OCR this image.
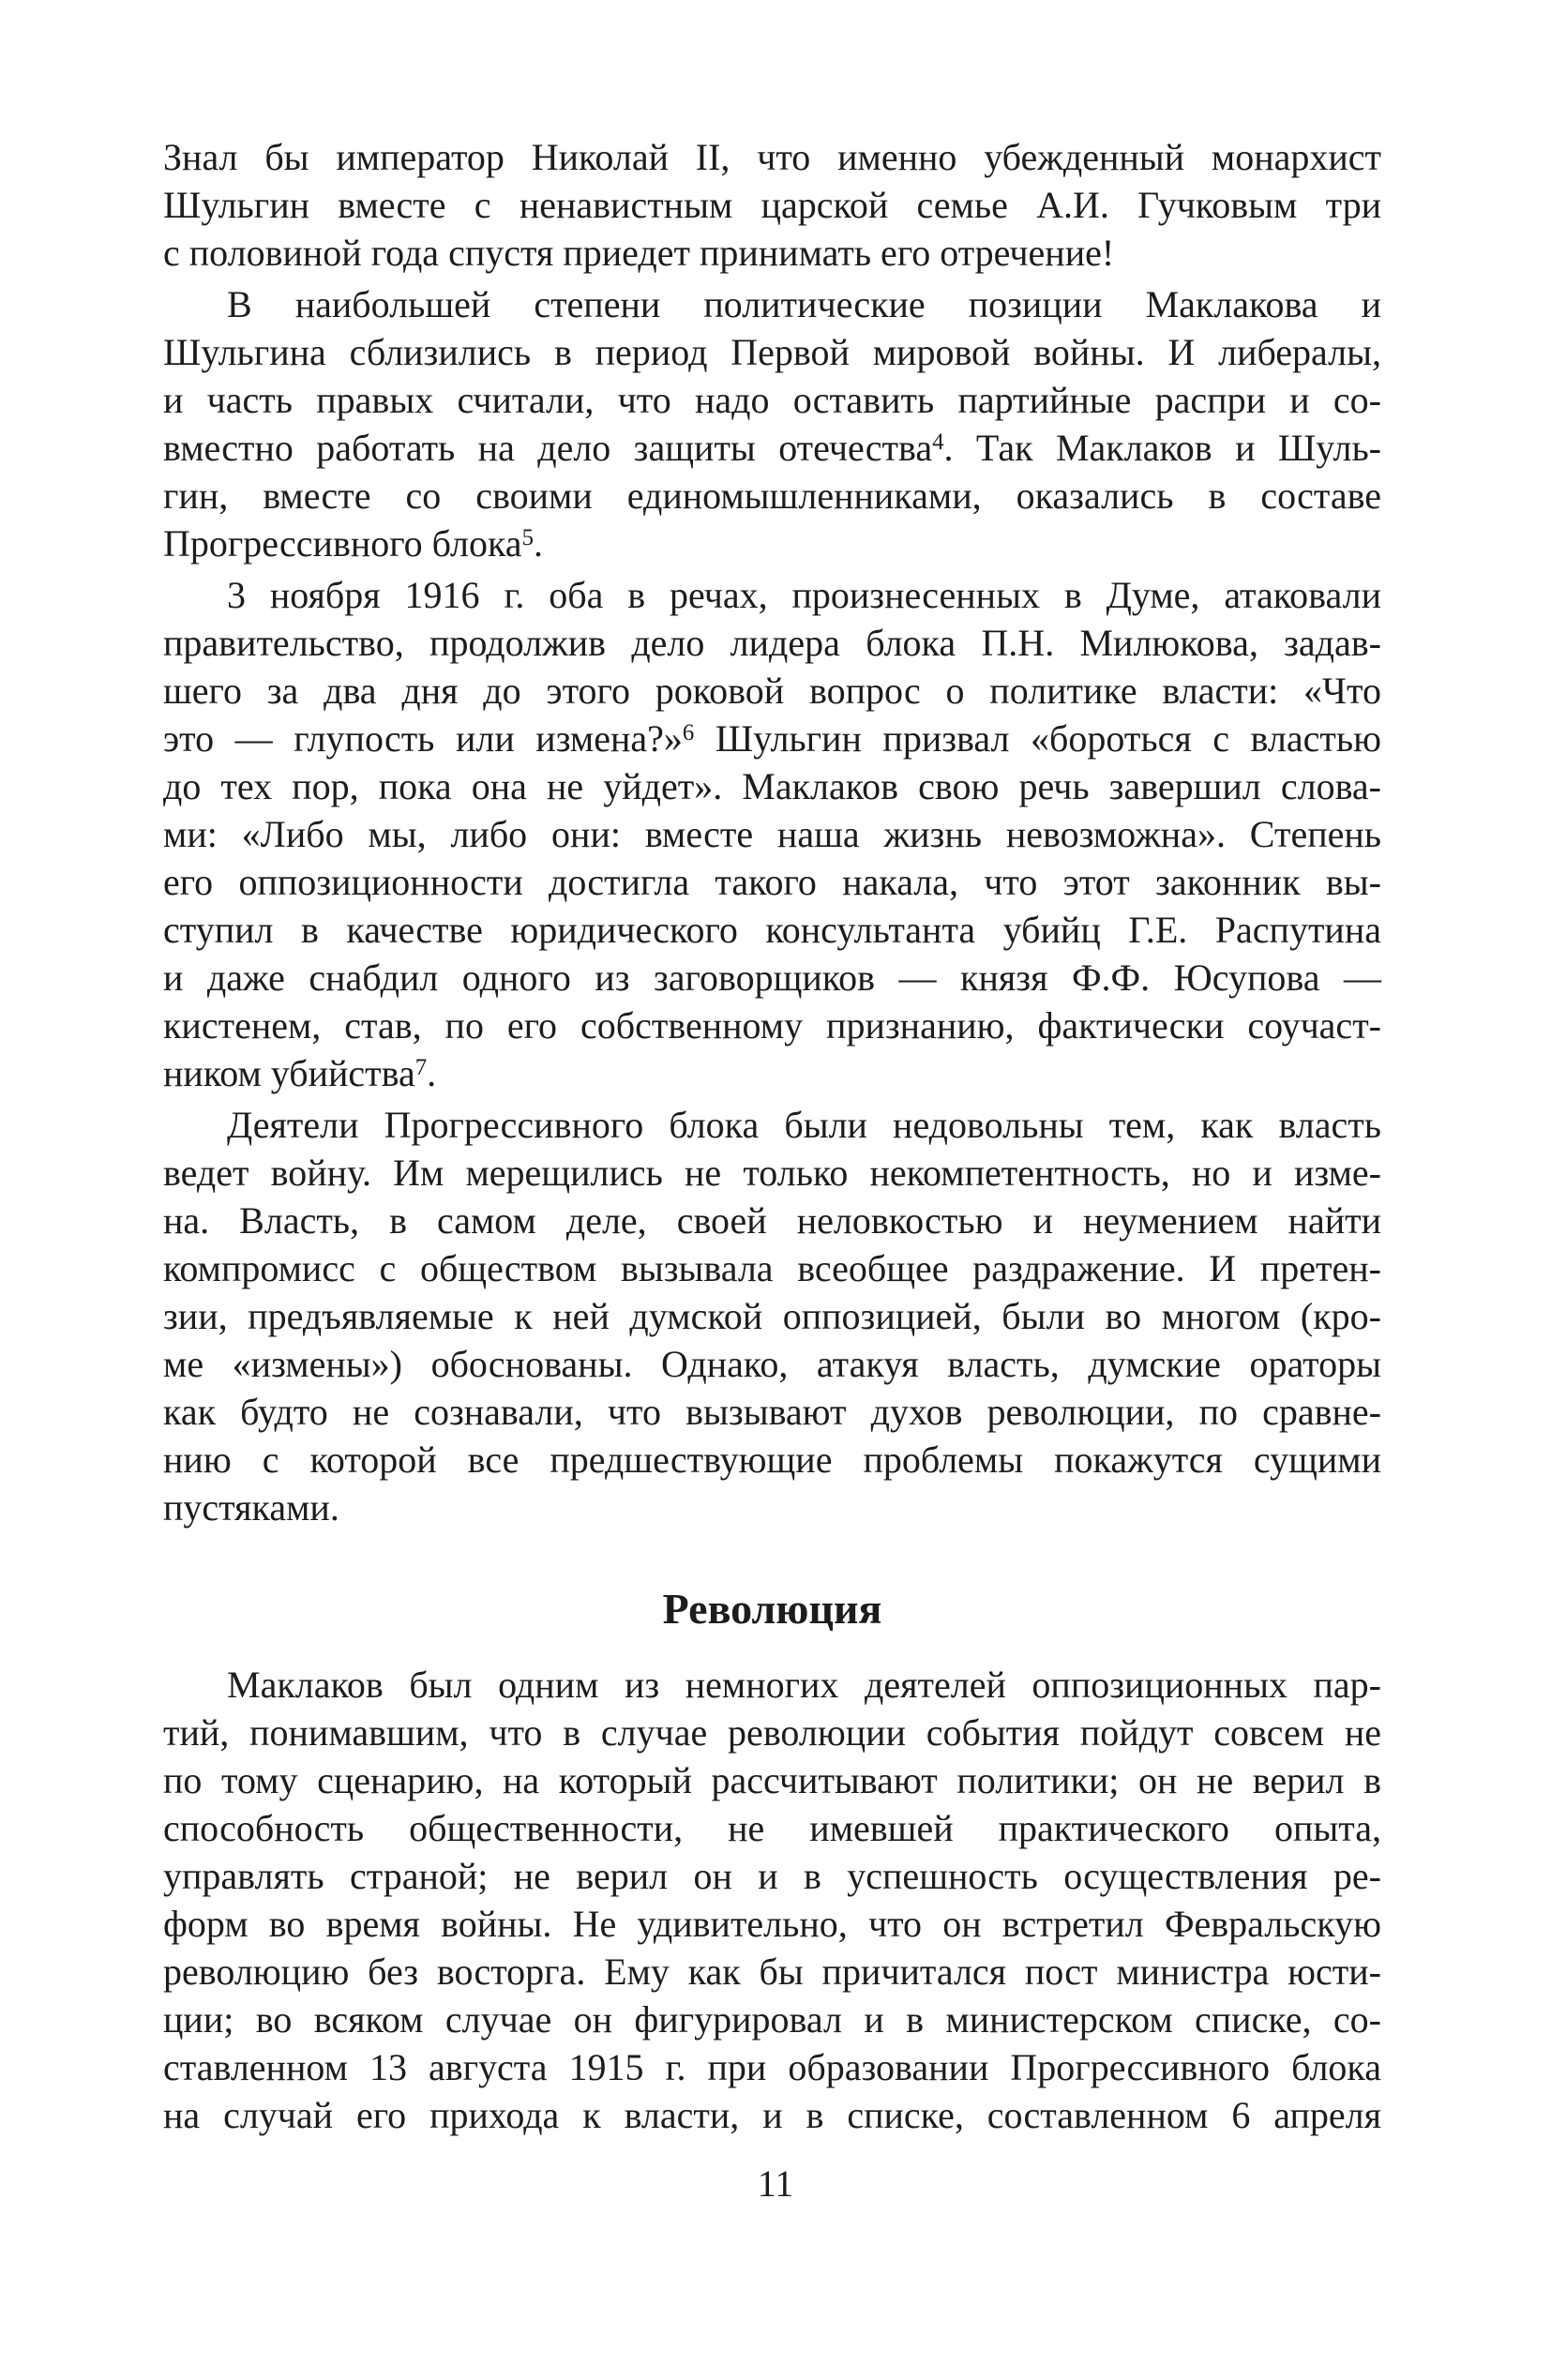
Знал бы император Николай II, что именно убежденный монархист
Шульгин вместе с ненавистным царской семье А.И. Гучковым три
с половиной года спустя приедет принимать его отречение!
В наибольшей степени политические позиции Маклакова и
Шульгина сблизились в период Первой мировой войны. И либералы,
и часть правых считали, что надо оставить партийные распри и со-
вместно работать на дело защиты отечества$^4$. Так Маклаков и Шуль-
гин, вместе со своими единомышленниками, оказались в составе
Прогрессивного блока$^5$.
3 ноября 1916 г. оба в речах, произнесенных в Думе, атаковали
правительство, продолжив дело лидера блока П.Н. Милюкова, задав-
шего за два дня до этого роковой вопрос о политике власти: «Что
это — глупость или измена?»$^6$ Шульгин призвал «бороться с властью
до тех пор, пока она не уйдет». Маклаков свою речь завершил слова-
ми: «Либо мы, либо они: вместе наша жизнь невозможна». Степень
его оппозиционности достигла такого накала, что этот законник вы-
ступил в качестве юридического консультанта убийц Г.Е. Распутина
и даже снабдил одного из заговорщиков — князя Ф.Ф. Юсупова —
кистенем, став, по его собственному признанию, фактически соучаст-
ником убийства$^7$.
Деятели Прогрессивного блока были недовольны тем, как власть
ведет войну. Им мерещились не только некомпетентность, но и изме-
на. Власть, в самом деле, своей неловкостью и неумением найти
компромисс с обществом вызывала всеобщее раздражение. И претен-
зии, предъявляемые к ней думской оппозицией, были во многом (кро-
ме «измены») обоснованы. Однако, атакуя власть, думские ораторы
как будто не сознавали, что вызывают духов революции, по сравне-
нию с которой все предшествующие проблемы покажутся сущими
пустяками.
Революция
Маклаков был одним из немногих деятелей оппозиционных пар-
тий, понимавшим, что в случае революции события пойдут совсем не
по тому сценарию, на который рассчитывают политики; он не верил в
способность общественности, не имевшей практического опыта,
управлять страной; не верил он и в успешность осуществления ре-
форм во время войны. Не удивительно, что он встретил Февральскую
революцию без восторга. Ему как бы причитался пост министра юсти-
ции; во всяком случае он фигурировал и в министерском списке, со-
ставленном 13 августа 1915 г. при образовании Прогрессивного блока
на случай его прихода к власти, и в списке, составленном 6 апреля
11
